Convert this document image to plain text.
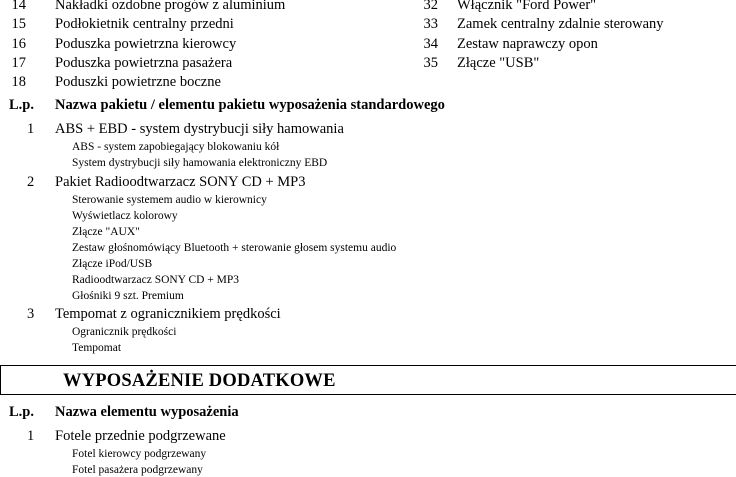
14 Nakładki ozdobne progów z aluminium
15 Podłokietnik centralny przedni
16 Poduszka powietrzna kierowcy
17 Poduszka powietrzna pasażera
18 Poduszki powietrzne boczne
32 Włącznik "Ford Power"
33 Zamek centralny zdalnie sterowany
34 Zestaw naprawczy opon
35 Złącze "USB"
L.p. Nazwa pakietu / elementu pakietu wyposażenia standardowego
1 ABS + EBD - system dystrybucji siły hamowania
ABS - system zapobiegający blokowaniu kół
System dystrybucji siły hamowania elektroniczny EBD
2 Pakiet Radioodtwarzacz SONY CD + MP3
Sterowanie systemem audio w kierownicy
Wyświetlacz kolorowy
Złącze "AUX"
Zestaw głośnomówiący Bluetooth + sterowanie głosem systemu audio
Złącze iPod/USB
Radioodtwarzacz SONY CD + MP3
Głośniki 9 szt. Premium
3 Tempomat z ogranicznikiem prędkości
Ogranicznik prędkości
Tempomat
WYPOSAŻENIE DODATKOWE
L.p. Nazwa elementu wyposażenia
1 Fotele przednie podgrzewane
Fotel kierowcy podgrzewany
Fotel pasażera podgrzewany
